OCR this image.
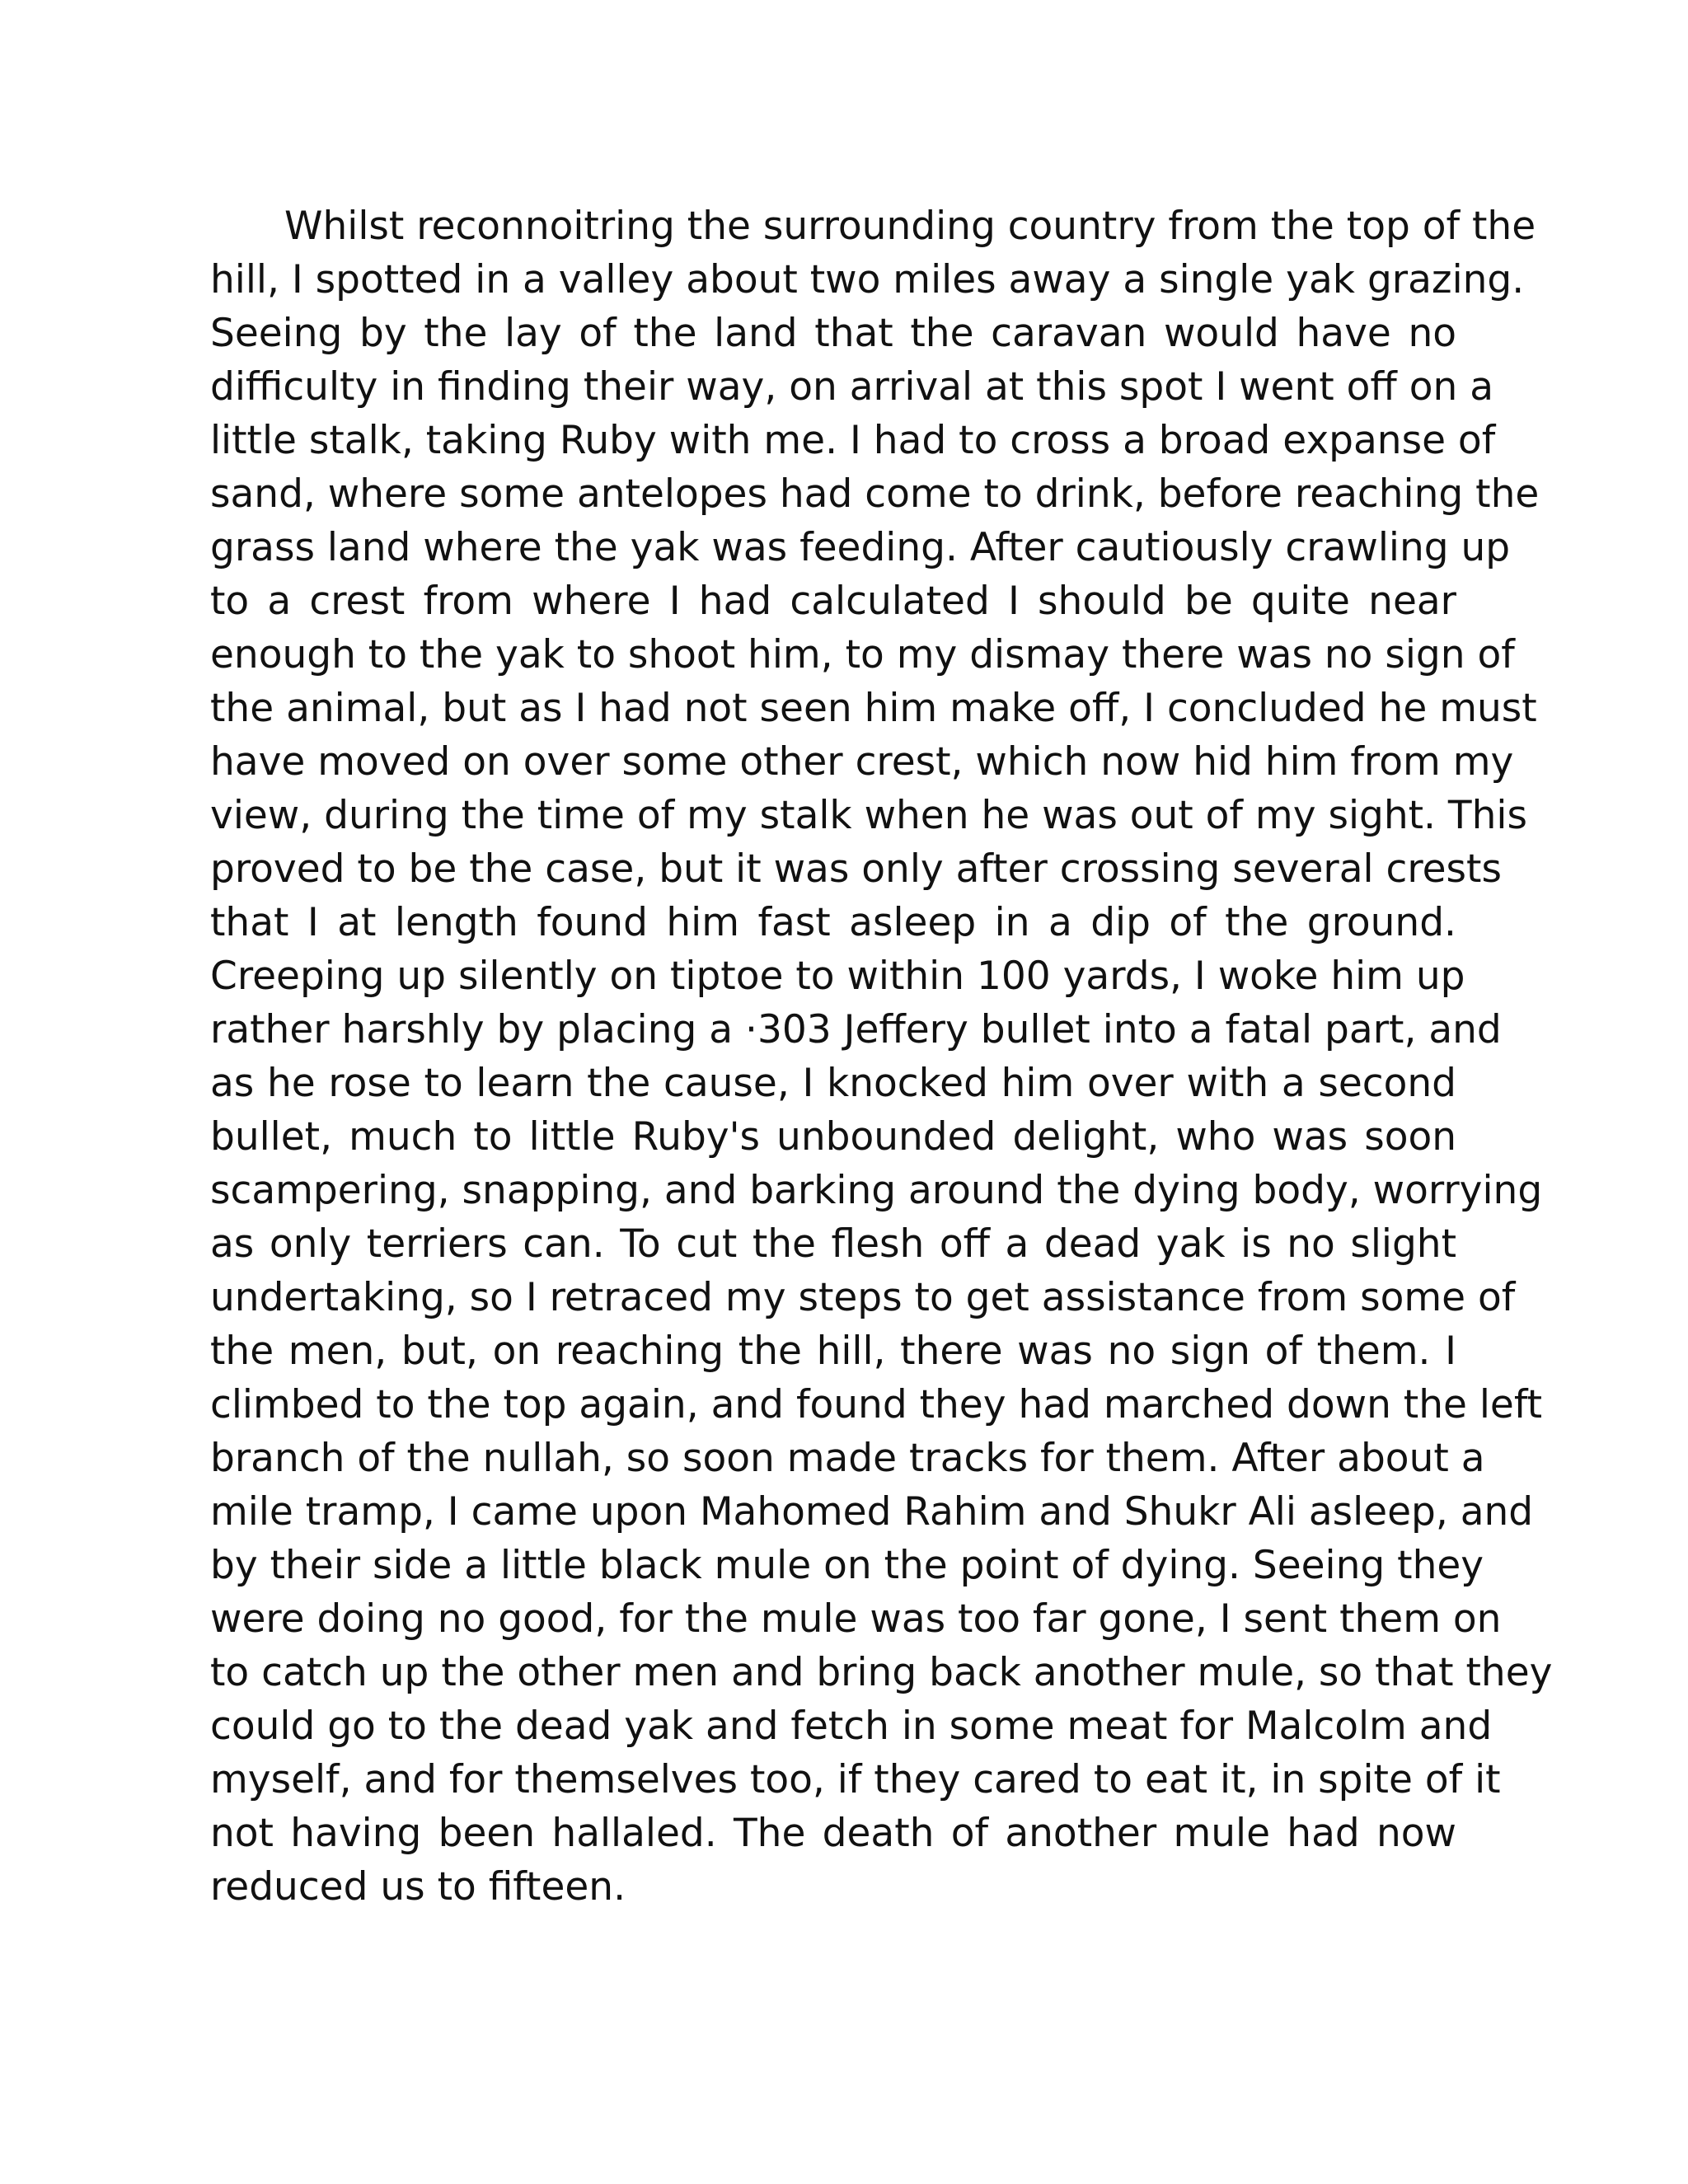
Whilst reconnoitring the surrounding country from the top of the
hill, I spotted in a valley about two miles away a single yak grazing.
Seeing by the lay of the land that the caravan would have no
difficulty in finding their way, on arrival at this spot I went off on a
little stalk, taking Ruby with me. I had to cross a broad expanse of
sand, where some antelopes had come to drink, before reaching the
grass land where the yak was feeding. After cautiously crawling up
to a crest from where I had calculated I should be quite near
enough to the yak to shoot him, to my dismay there was no sign of
the animal, but as I had not seen him make off, I concluded he must
have moved on over some other crest, which now hid him from my
view, during the time of my stalk when he was out of my sight. This
proved to be the case, but it was only after crossing several crests
that I at length found him fast asleep in a dip of the ground.
Creeping up silently on tiptoe to within 100 yards, I woke him up
rather harshly by placing a ·303 Jeffery bullet into a fatal part, and
as he rose to learn the cause, I knocked him over with a second
bullet, much to little Ruby's unbounded delight, who was soon
scampering, snapping, and barking around the dying body, worrying
as only terriers can. To cut the flesh off a dead yak is no slight
undertaking, so I retraced my steps to get assistance from some of
the men, but, on reaching the hill, there was no sign of them. I
climbed to the top again, and found they had marched down the left
branch of the nullah, so soon made tracks for them. After about a
mile tramp, I came upon Mahomed Rahim and Shukr Ali asleep, and
by their side a little black mule on the point of dying. Seeing they
were doing no good, for the mule was too far gone, I sent them on
to catch up the other men and bring back another mule, so that they
could go to the dead yak and fetch in some meat for Malcolm and
myself, and for themselves too, if they cared to eat it, in spite of it
not having been hallaled. The death of another mule had now
reduced us to fifteen.
